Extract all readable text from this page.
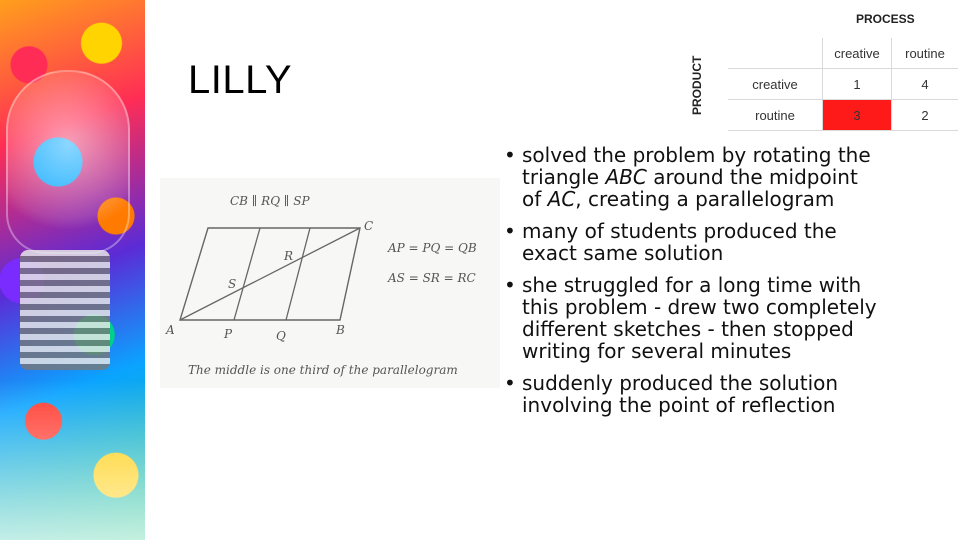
LILLY
PROCESS
PRODUCT
	creative	routine
creative	1	4
routine	3	2
CB ∥ RQ ∥ SP
AP = PQ = QB
AS = SR = RC
A	P	Q	B
C
R
S
The middle is one third of the parallelogram
• solved the problem by rotating the triangle ABC around the midpoint of AC, creating a parallelogram
• many of students produced the exact same solution
• she struggled for a long time with this problem - drew two completely different sketches - then stopped writing for several minutes
• suddenly produced the solution involving the point of reflection
